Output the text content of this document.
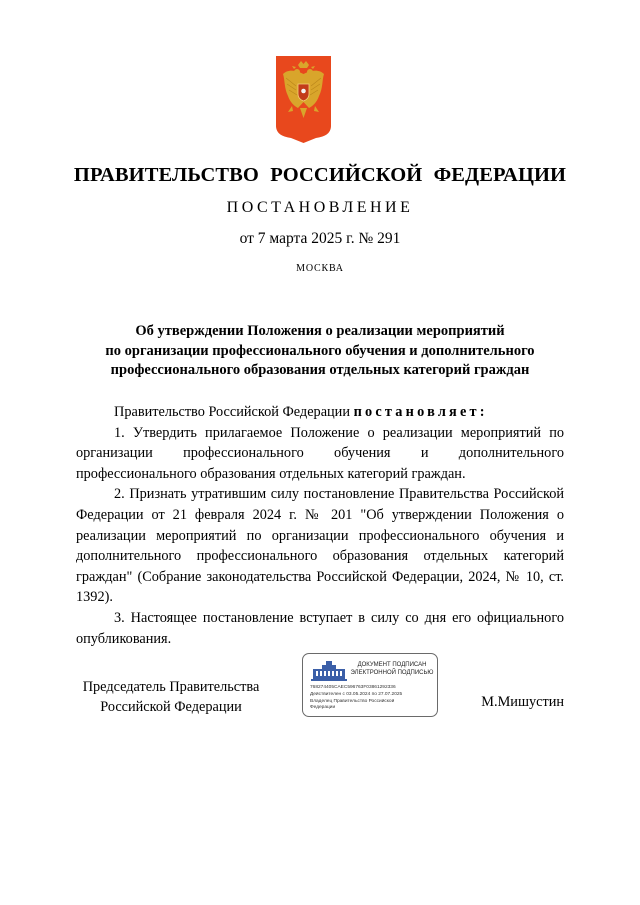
ПРАВИТЕЛЬСТВО РОССИЙСКОЙ ФЕДЕРАЦИИ
ПОСТАНОВЛЕНИЕ
от 7 марта 2025 г. № 291
МОСКВА
Об утверждении Положения о реализации мероприятий
по организации профессионального обучения и дополнительного
профессионального образования отдельных категорий граждан

Правительство Российской Федерации постановляет:

1. Утвердить прилагаемое Положение о реализации мероприятий по организации профессионального обучения и дополнительного профессионального образования отдельных категорий граждан.

2. Признать утратившим силу постановление Правительства Российской Федерации от 21 февраля 2024 г. № 201 "Об утверждении Положения о реализации мероприятий по организации профессионального обучения и дополнительного профессионального образования отдельных категорий граждан" (Собрание законодательства Российской Федерации, 2024, № 10, ст. 1392).

3. Настоящее постановление вступает в силу со дня его официального опубликования.

Председатель Правительства
Российской Федерации
ДОКУМЕНТ ПОДПИСАН
ЭЛЕКТРОННОЙ ПОДПИСЬЮ
768274405CAEC596763F03861292336
Действителен с 03.05.2024 по 27.07.2025
Владелец Правительство Российской
Федерации	М.Мишустин
